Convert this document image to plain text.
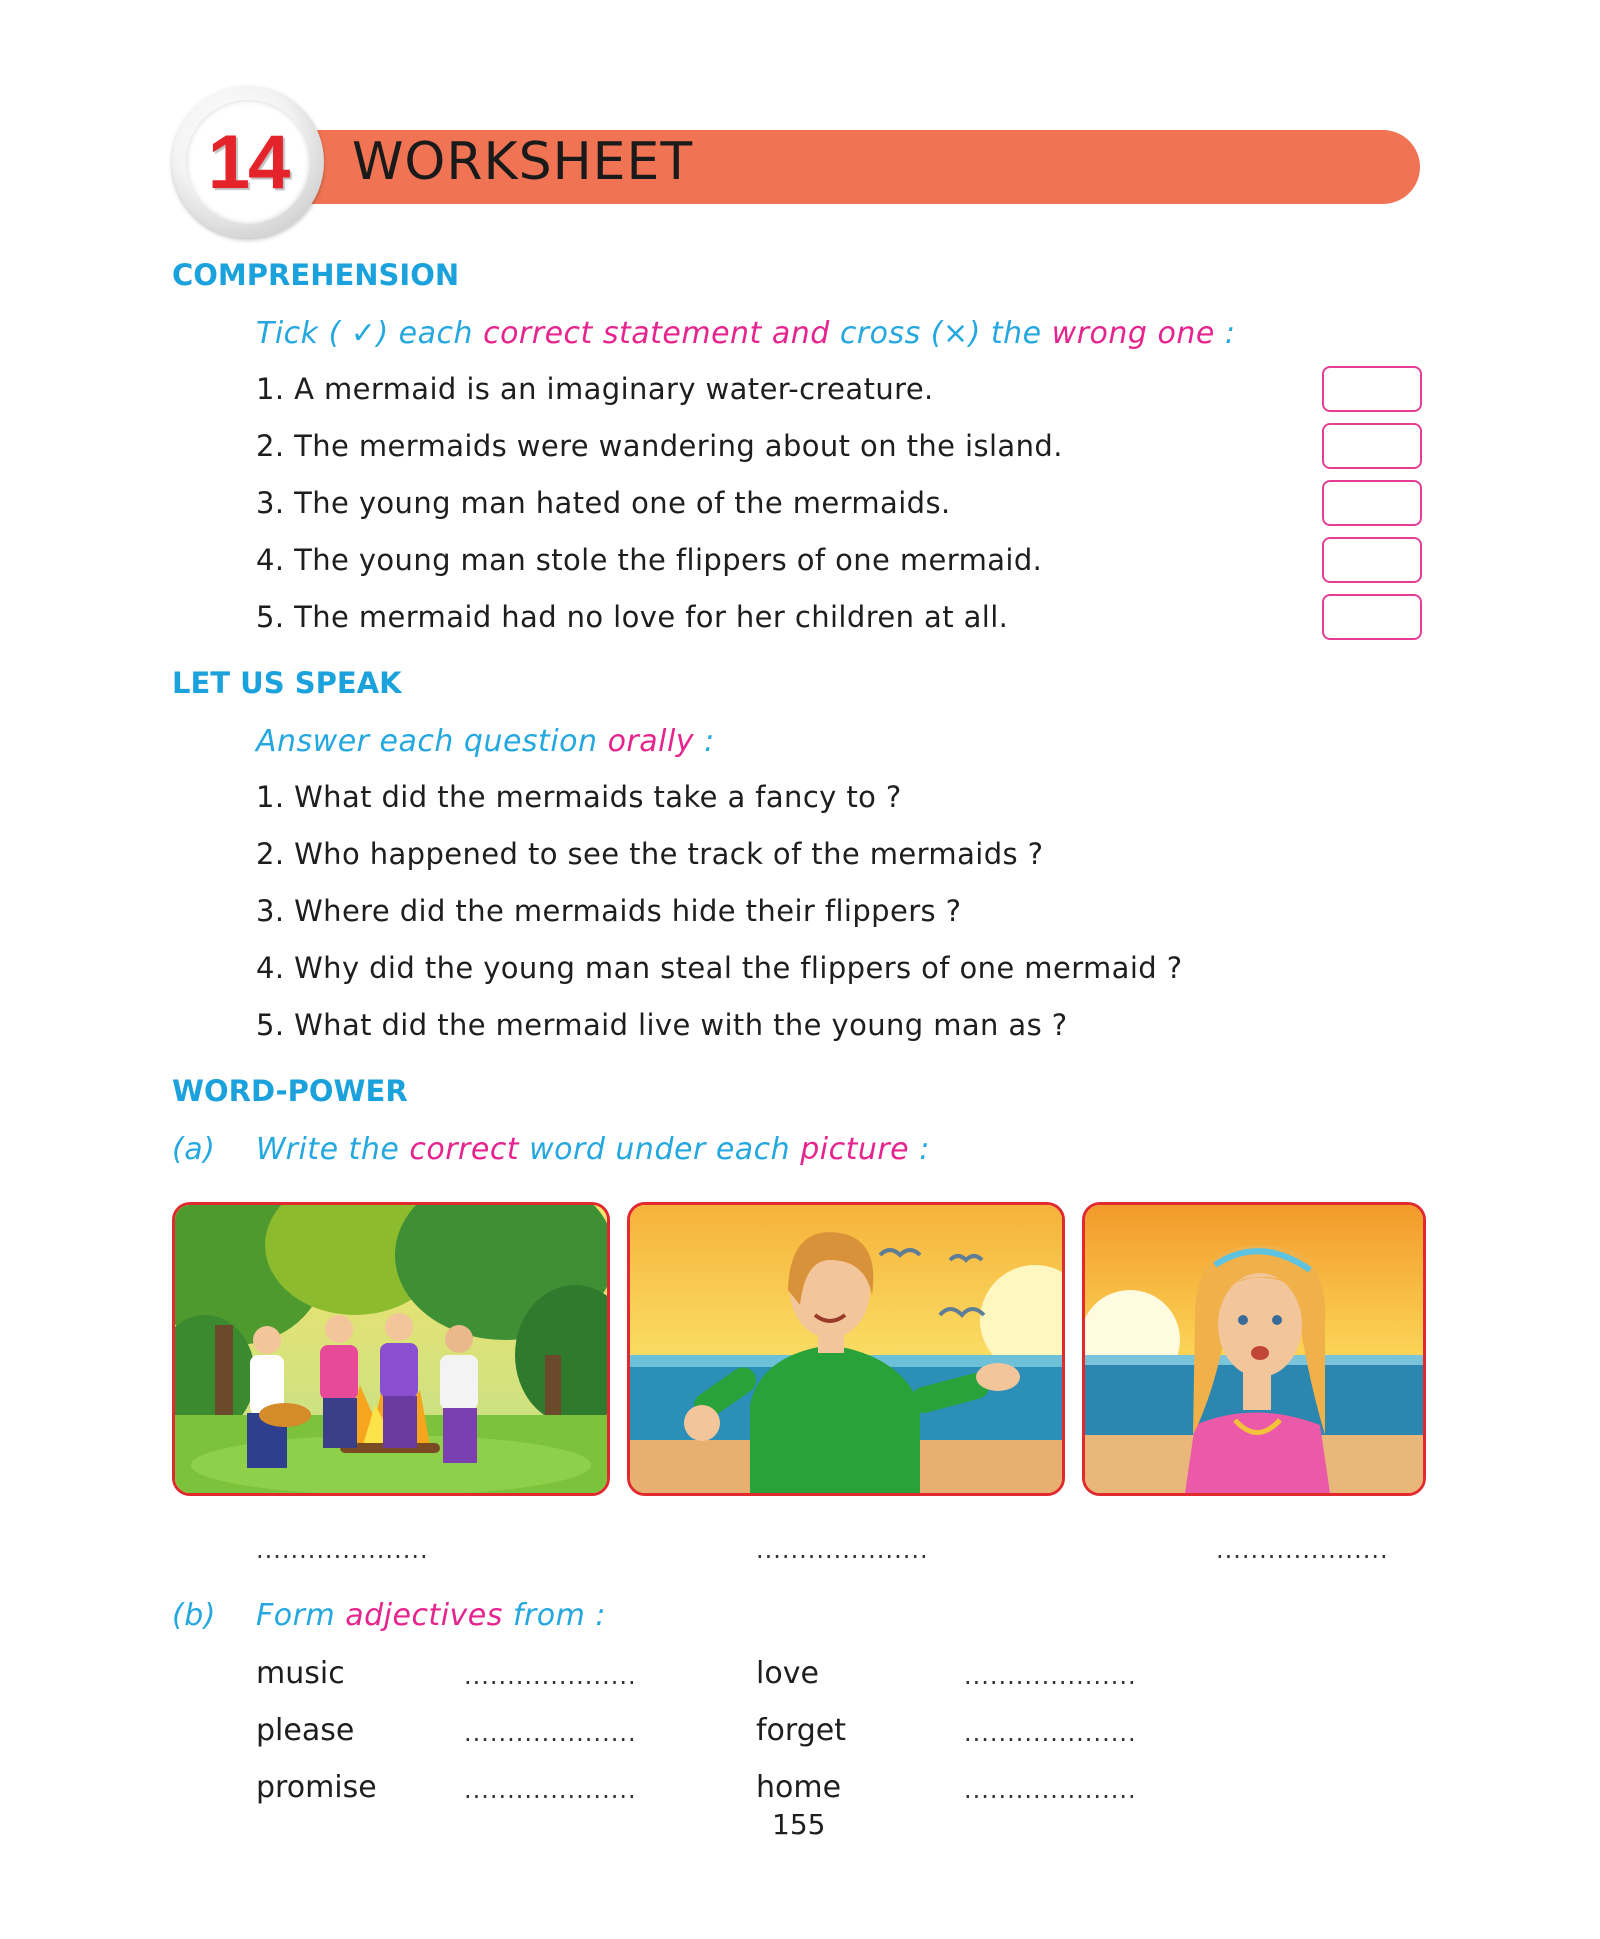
WORKSHEET
14
COMPREHENSION
Tick ( ✓) each correct statement and cross (×) the wrong one :
1. A mermaid is an imaginary water-creature.
2. The mermaids were wandering about on the island.
3. The young man hated one of the mermaids.
4. The young man stole the flippers of one mermaid.
5. The mermaid had no love for her children at all.
LET US SPEAK
Answer each question orally :
1. What did the mermaids take a fancy to ?
2. Who happened to see the track of the mermaids ?
3. Where did the mermaids hide their flippers ?
4. Why did the young man steal the flippers of one mermaid ?
5. What did the mermaid live with the young man as ?
WORD-POWER
(a) Write the correct word under each picture :
....................	....................	....................
(b) Form adjectives from :
music
please
promise
....................
....................
....................
love
forget
home
....................
....................
....................
155
